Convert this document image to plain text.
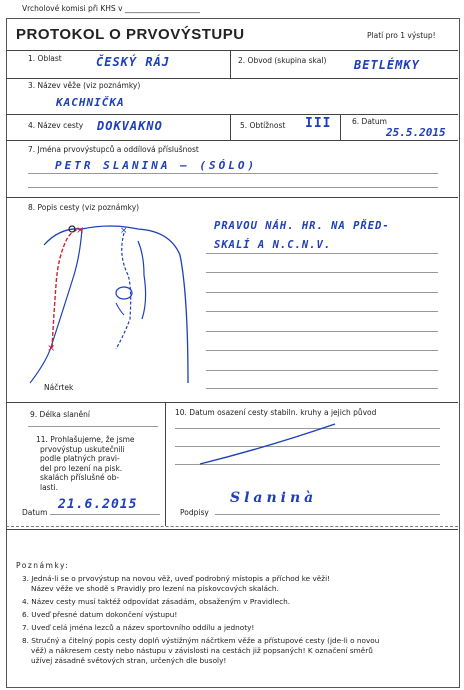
Vrcholové komisi při KHS v ____________________
PROTOKOL O PRVOVÝSTUPU	Platí pro 1 výstup!
1. Oblast	ČESKÝ RÁJ	2. Obvod (skupina skal) BETLÉMKY
3. Název věže (viz poznámky)
KACHNIČKA
4. Název cesty DOKVAKNO	5. Obtížnost III	6. Datum
25.5.2015
7. Jména prvovýstupců a oddílová příslušnost
PETR SLANINA — (SÓLO)
8. Popis cesty (viz poznámky)
PRAVOU NÁH. HR. NA PŘED-
SKALÍ A N.C.N.V.
×
×	×
Náčrtek
9. Délka slanění	10. Datum osazení cesty stabiln. kruhy a jejich původ
11. Prohlašujeme, že jsme
prvovýstup uskutečnili
podle platných pravi-
del pro lezení na pisk.
skalách příslušné ob-
lasti.
Datum
21.6.2015
Podpisy
Slaninà
Poznámky:
3. Jedná-li se o prvovýstup na novou věž, uveď podrobný místopis a příchod ke věži!
Název věže ve shodě s Pravidly pro lezení na pískovcových skalách.
4. Název cesty musí taktéž odpovídat zásadám, obsaženým v Pravidlech.
6. Uveď přesné datum dokončení výstupu!
7. Uveď celá jména lezců a název sportovního oddílu a jednoty!
8. Stručný a čitelný popis cesty doplň výstižným náčrtkem věže a přístupové cesty (jde-li o novou
věž) a nákresem cesty nebo nástupu v závislosti na cestách již popsaných! K označení směrů
užívej zásadně světových stran, určených dle busoly!
